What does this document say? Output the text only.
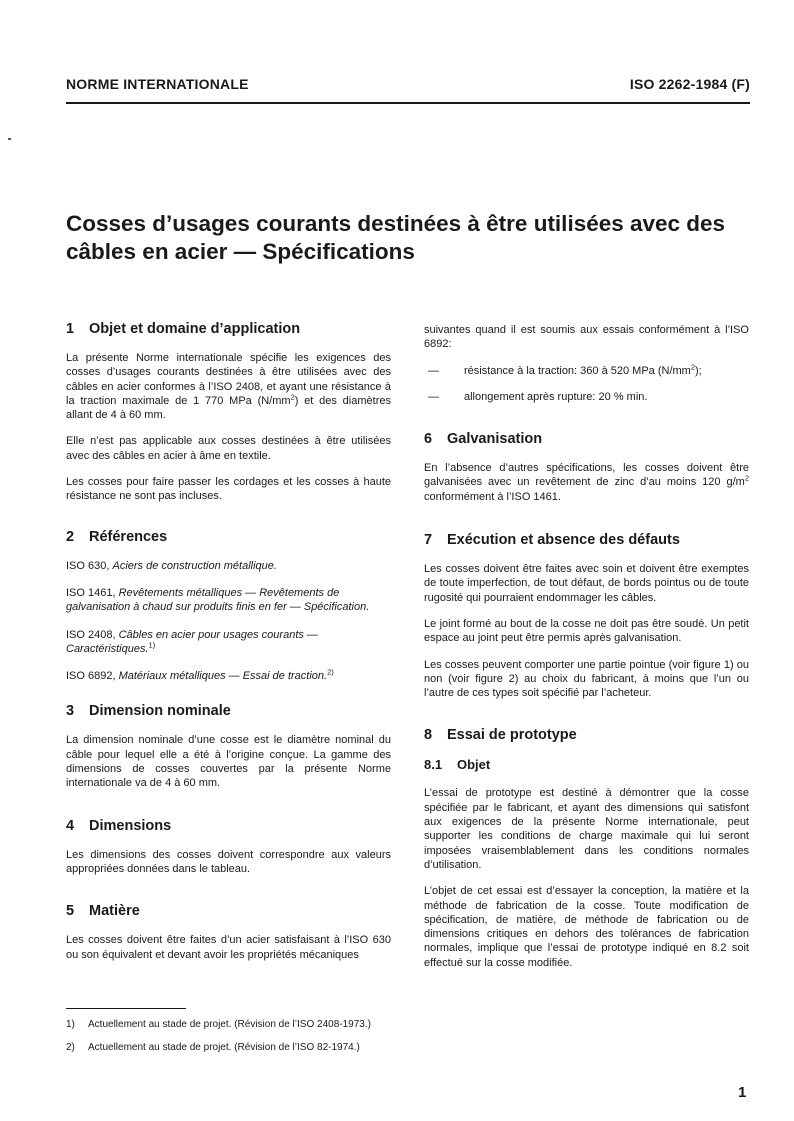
NORME INTERNATIONALE	ISO 2262-1984 (F)
Cosses d’usages courants destinées à être utilisées avec des câbles en acier — Spécifications
1	Objet et domaine d’application

La présente Norme internationale spécifie les exigences des cosses d’usages courants destinées à être utilisées avec des câbles en acier conformes à l’ISO 2408, et ayant une résistance à la traction maximale de 1 770 MPa $(N/mm^2)$ et des diamètres allant de 4 à 60 mm.

Elle n’est pas applicable aux cosses destinées à être utilisées avec des câbles en acier à âme en textile.

Les cosses pour faire passer les cordages et les cosses à haute résistance ne sont pas incluses.

2	Références

ISO 630, Aciers de construction métallique.

ISO 1461, Revêtements métalliques — Revêtements de galvanisation à chaud sur produits finis en fer — Spécification.

ISO 2408, Câbles en acier pour usages courants — Caractéristiques.$^{1)}$

ISO 6892, Matériaux métalliques — Essai de traction.$^{2)}$

3	Dimension nominale

La dimension nominale d’une cosse est le diamètre nominal du câble pour lequel elle a été à l’origine conçue. La gamme des dimensions de cosses couvertes par la présente Norme internationale va de 4 à 60 mm.

4	Dimensions

Les dimensions des cosses doivent correspondre aux valeurs appropriées données dans le tableau.

5	Matière

Les cosses doivent être faites d’un acier satisfaisant à l’ISO 630 ou son équivalent et devant avoir les propriétés mécaniques

suivantes quand il est soumis aux essais conformément à l’ISO 6892:

—	résistance à la traction: 360 à 520 MPa $(N/mm^2)$;
—	allongement après rupture: 20 % min.
6	Galvanisation

En l’absence d’autres spécifications, les cosses doivent être galvanisées avec un revêtement de zinc d’au moins 120 $g/m^2$ conformément à l’ISO 1461.

7	Exécution et absence des défauts

Les cosses doivent être faites avec soin et doivent être exemptes de toute imperfection, de tout défaut, de bords pointus ou de toute rugosité qui pourraient endommager les câbles.

Le joint formé au bout de la cosse ne doit pas être soudé. Un petit espace au joint peut être permis après galvanisation.

Les cosses peuvent comporter une partie pointue (voir figure 1) ou non (voir figure 2) au choix du fabricant, à moins que l’un ou l’autre de ces types soit spécifié par l’acheteur.

8	Essai de prototype
8.1	Objet

L’essai de prototype est destiné à démontrer que la cosse spécifiée par le fabricant, et ayant des dimensions qui satisfont aux exigences de la présente Norme internationale, peut supporter les conditions de charge maximale qui lui seront imposées vraisemblablement dans les conditions normales d’utilisation.

L’objet de cet essai est d’essayer la conception, la matière et la méthode de fabrication de la cosse. Toute modification de spécification, de matière, de méthode de fabrication ou de dimensions critiques en dehors des tolérances de fabrication normales, implique que l’essai de prototype indiqué en 8.2 soit effectué sur la cosse modifiée.

1)	Actuellement au stade de projet. (Révision de l’ISO 2408-1973.)
2)	Actuellement au stade de projet. (Révision de l’ISO 82-1974.)
1
